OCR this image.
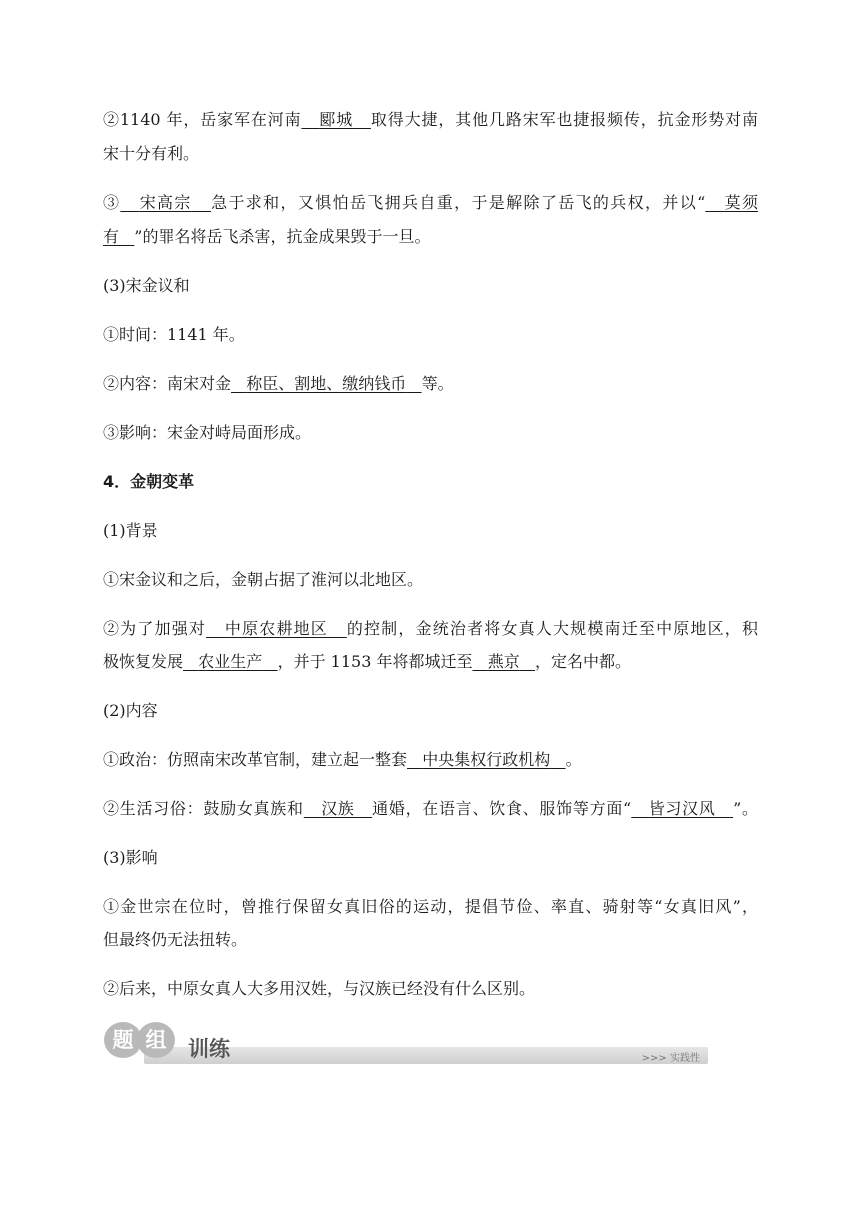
②1140 年，岳家军在河南 郾城 取得大捷，其他几路宋军也捷报频传，抗金形势对南
宋十分有利。
③ 宋高宗 急于求和，又惧怕岳飞拥兵自重，于是解除了岳飞的兵权，并以“ 莫须
有 ”的罪名将岳飞杀害，抗金成果毁于一旦。
(3)宋金议和
①时间：1141 年。
②内容：南宋对金 称臣、割地、缴纳钱币 等。
③影响：宋金对峙局面形成。
4．金朝变革
(1)背景
①宋金议和之后，金朝占据了淮河以北地区。
②为了加强对 中原农耕地区 的控制，金统治者将女真人大规模南迁至中原地区，积
极恢复发展 农业生产 ，并于 1153 年将都城迁至 燕京 ，定名中都。
(2)内容
①政治：仿照南宋改革官制，建立起一整套 中央集权行政机构 。
②生活习俗：鼓励女真族和 汉族 通婚，在语言、饮食、服饰等方面“ 皆习汉风 ”。
(3)影响
①金世宗在位时，曾推行保留女真旧俗的运动，提倡节俭、率直、骑射等“女真旧风”，
但最终仍无法扭转。
②后来，中原女真人大多用汉姓，与汉族已经没有什么区别。
题 组	训练	>>> 实践性
